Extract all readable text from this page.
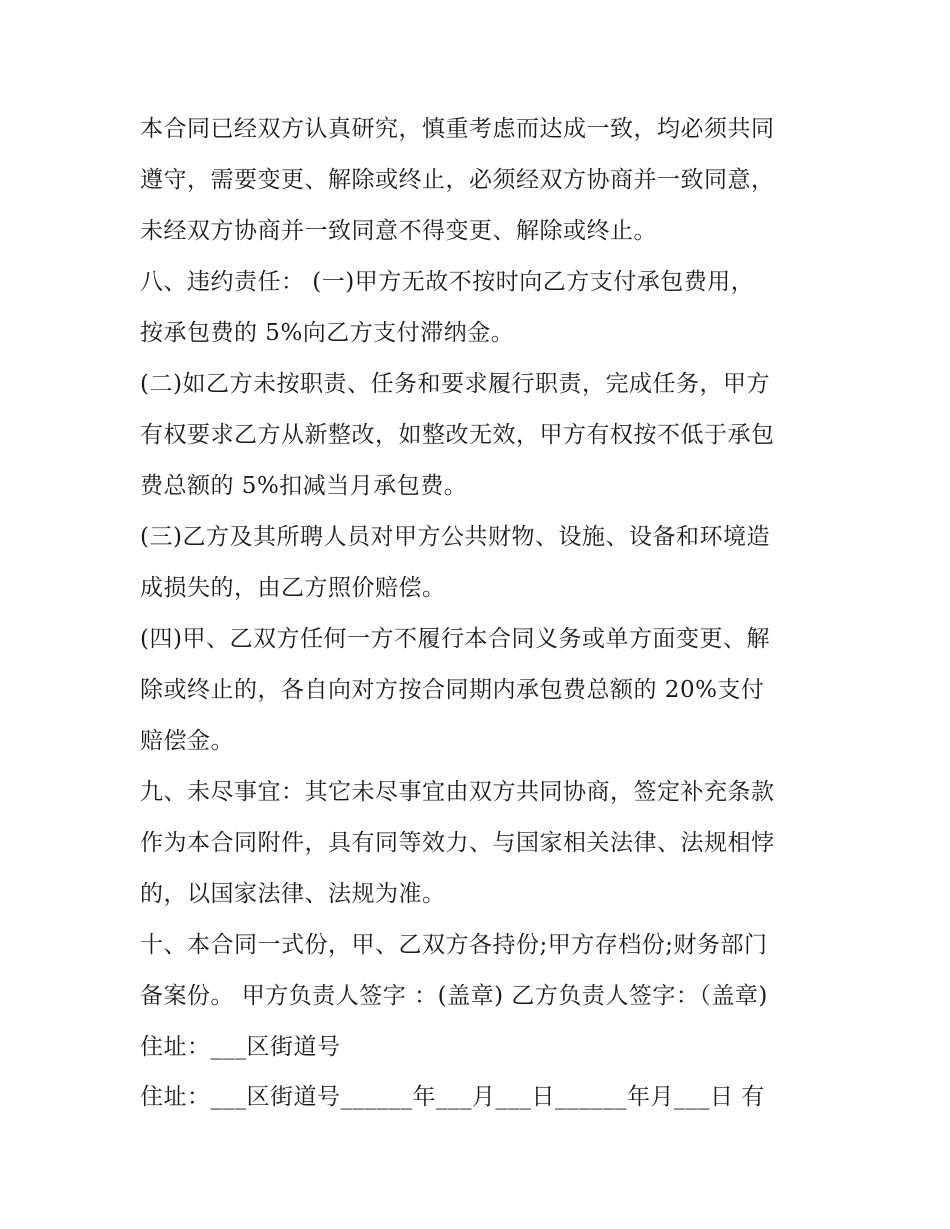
本合同已经双方认真研究，慎重考虑而达成一致，均必须共同
遵守，需要变更、解除或终止，必须经双方协商并一致同意，
未经双方协商并一致同意不得变更、解除或终止。
八、违约责任： (一)甲方无故不按时向乙方支付承包费用，
按承包费的 5%向乙方支付滞纳金。
(二)如乙方未按职责、任务和要求履行职责，完成任务，甲方
有权要求乙方从新整改，如整改无效，甲方有权按不低于承包
费总额的 5%扣减当月承包费。
(三)乙方及其所聘人员对甲方公共财物、设施、设备和环境造
成损失的，由乙方照价赔偿。
(四)甲、乙双方任何一方不履行本合同义务或单方面变更、解
除或终止的，各自向对方按合同期内承包费总额的 20%支付
赔偿金。
九、未尽事宜：其它未尽事宜由双方共同协商，签定补充条款
作为本合同附件，具有同等效力、与国家相关法律、法规相悖
的，以国家法律、法规为准。
十、本合同一式份，甲、乙双方各持份;甲方存档份;财务部门
备案份。 甲方负责人签字 ：(盖章) 乙方负责人签字：（盖章)
住址：___区街道号
住址：___区街道号______年___月___日______年月___日 有
